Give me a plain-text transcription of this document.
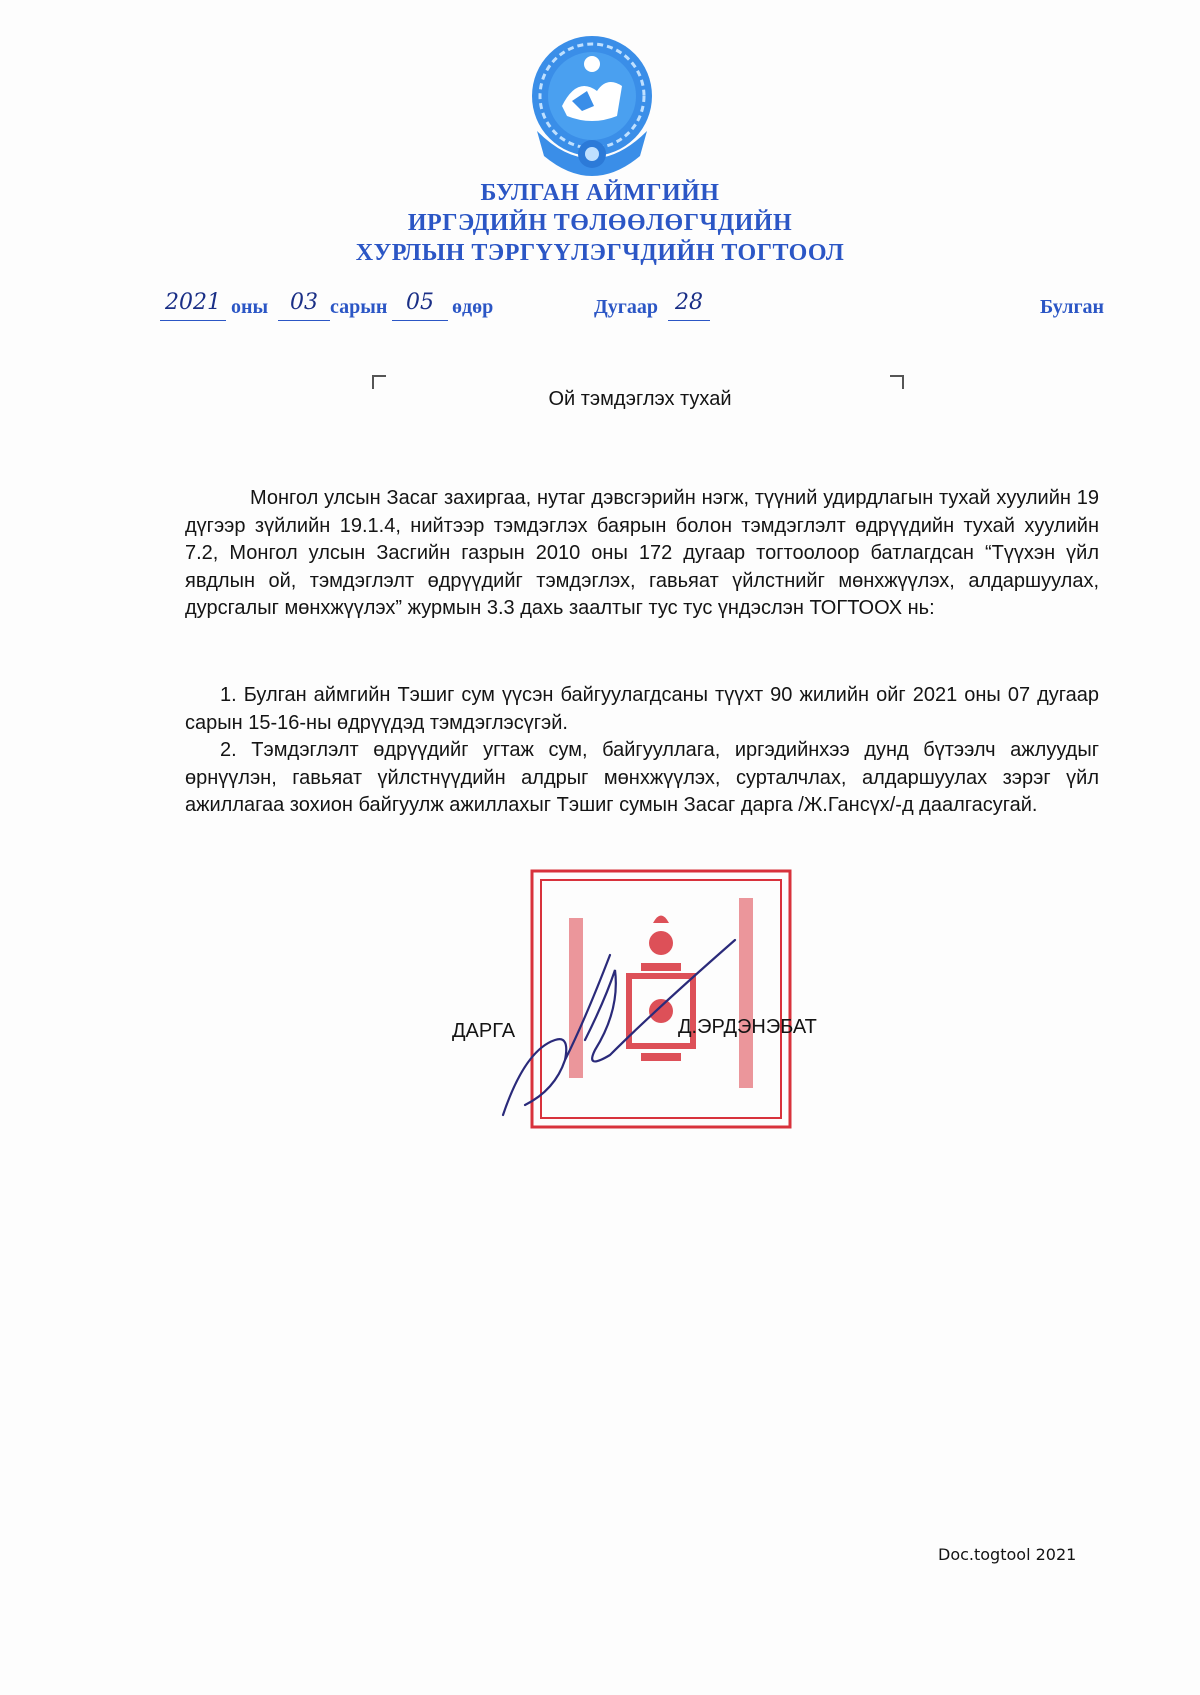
БУЛГАН АЙМГИЙН
ИРГЭДИЙН ТӨЛӨӨЛӨГЧДИЙН
ХУРЛЫН ТЭРГҮҮЛЭГЧДИЙН ТОГТООЛ
2021 оны 03 сарын 05 өдөр	Дугаар 28	Булган
Ой тэмдэглэх тухай
Монгол улсын Засаг захиргаа, нутаг дэвсгэрийн нэгж, түүний удирдлагын тухай хуулийн 19 дүгээр зүйлийн 19.1.4, нийтээр тэмдэглэх баярын болон тэмдэглэлт өдрүүдийн тухай хуулийн 7.2, Монгол улсын Засгийн газрын 2010 оны 172 дугаар тогтоолоор батлагдсан “Түүхэн үйл явдлын ой, тэмдэглэлт өдрүүдийг тэмдэглэх, гавьяат үйлстнийг мөнхжүүлэх, алдаршуулах, дурсгалыг мөнхжүүлэх” журмын 3.3 дахь заалтыг тус тус үндэслэн ТОГТООХ нь:
1. Булган аймгийн Тэшиг сум үүсэн байгуулагдсаны түүхт 90 жилийн ойг 2021 оны 07 дугаар сарын 15-16-ны өдрүүдэд тэмдэглэсүгэй.
2. Тэмдэглэлт өдрүүдийг угтаж сум, байгууллага, иргэдийнхээ дунд бүтээлч ажлуудыг өрнүүлэн, гавьяат үйлстнүүдийн алдрыг мөнхжүүлэх, сурталчлах, алдаршуулах зэрэг үйл ажиллагаа зохион байгуулж ажиллахыг Тэшиг сумын Засаг дарга /Ж.Гансүх/-д даалгасугай.
ДАРГА	Д.ЭРДЭНЭБАТ
Doc.togtool 2021
